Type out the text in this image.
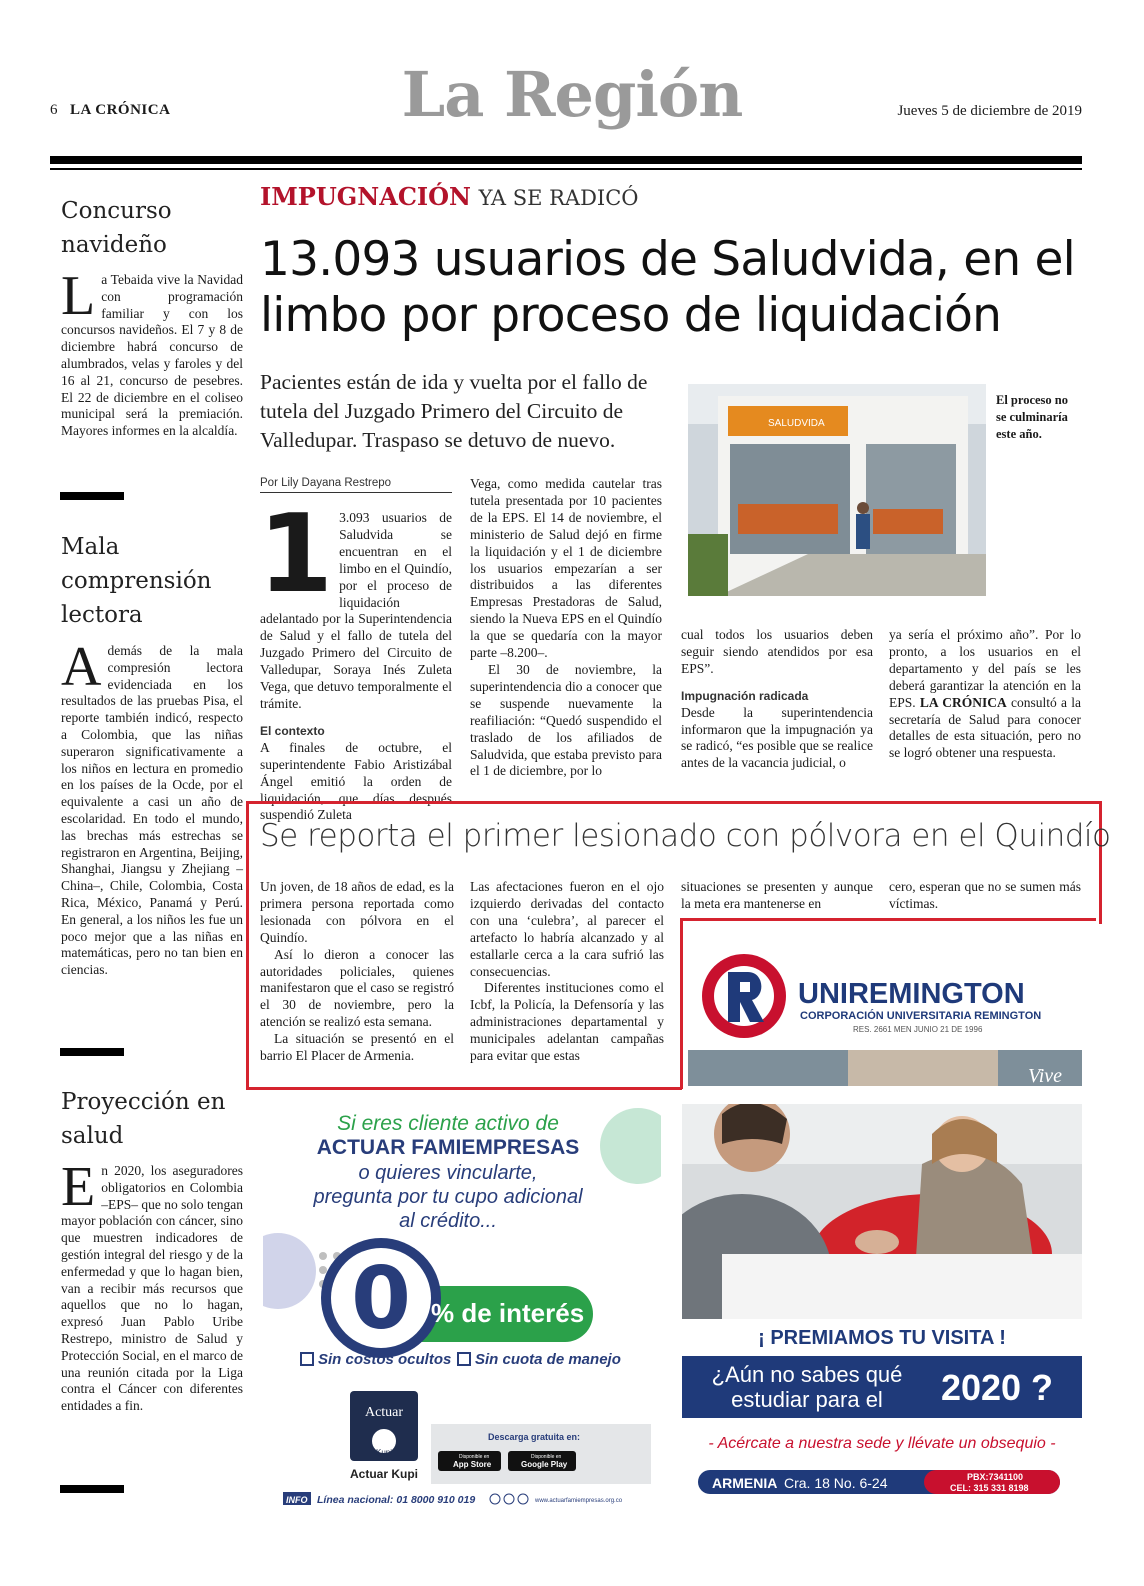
6 LA CRÓNICA	La Región	Jueves 5 de diciembre de 2019
Concurso navideño
La Tebaida vive la Navidad con programación familiar y con los concursos navideños. El 7 y 8 de diciembre habrá concurso de alumbrados, velas y faroles y del 16 al 21, concurso de pesebres. El 22 de diciembre en el coliseo municipal será la premiación. Mayores informes en la alcaldía.
Mala comprensión lectora
Además de la mala compresión lectora evidenciada en los resultados de las pruebas Pisa, el reporte también indicó, respecto a Colombia, que las niñas superaron significativamente a los niños en lectura en promedio en los países de la Ocde, por el equivalente a casi un año de escolaridad. En todo el mundo, las brechas más estrechas se registraron en Argentina, Beijing, Shanghai, Jiangsu y Zhejiang –China–, Chile, Colombia, Costa Rica, México, Panamá y Perú. En general, a los niños les fue un poco mejor que a las niñas en matemáticas, pero no tan bien en ciencias.
Proyección en salud
En 2020, los aseguradores obligatorios en Colombia –EPS– que no solo tengan mayor población con cáncer, sino que muestren indicadores de gestión integral del riesgo y de la enfermedad y que lo hagan bien, van a recibir más recursos que aquellos que no lo hagan, expresó Juan Pablo Uribe Restrepo, ministro de Salud y Protección Social, en el marco de una reunión citada por la Liga contra el Cáncer con diferentes entidades a fin.
IMPUGNACIÓN YA SE RADICÓ
13.093 usuarios de Saludvida, en el limbo por proceso de liquidación
Pacientes están de ida y vuelta por el fallo de tutela del Juzgado Primero del Circuito de Valledupar. Traspaso se detuvo de nuevo.
Por Lily Dayana Restrepo
1 3.093 usuarios de Saludvida se encuentran en el limbo en el Quindío, por el proceso de liquidación adelantado por la Superintendencia de Salud y el fallo de tutela del Juzgado Primero del Circuito de Valledupar, Soraya Inés Zuleta Vega, que detuvo temporalmente el trámite.
El contexto
A finales de octubre, el superintendente Fabio Aristizábal Ángel emitió la orden de liquidación, que días después suspendió Zuleta
Vega, como medida cautelar tras tutela presentada por 10 pacientes de la EPS. El 14 de noviembre, el ministerio de Salud dejó en firme la liquidación y el 1 de diciembre los usuarios empezarían a ser distribuidos a las diferentes Empresas Prestadoras de Salud, siendo la Nueva EPS en el Quindío la que se quedaría con la mayor parte –8.200–.
El 30 de noviembre, la superintendencia dio a conocer que se suspende nuevamente la reafiliación: “Quedó suspendido el traslado de los afiliados de Saludvida, que estaba previsto para el 1 de diciembre, por lo
cual todos los usuarios deben seguir siendo atendidos por esa EPS”.
Impugnación radicada
Desde la superintendencia informaron que la impugnación ya se radicó, “es posible que se realice antes de la vacancia judicial, o
ya sería el próximo año”. Por lo pronto, a los usuarios en el departamento y del país se les deberá garantizar la atención en la EPS. LA CRÓNICA consultó a la secretaría de Salud para conocer detalles de esta situación, pero no se logró obtener una respuesta.
SALUDVIDA
El proceso no se culminaría este año.
Se reporta el primer lesionado con pólvora en el Quindío
Un joven, de 18 años de edad, es la primera persona reportada como lesionada con pólvora en el Quindío.
Así lo dieron a conocer las autoridades policiales, quienes manifestaron que el caso se registró el 30 de noviembre, pero la atención se realizó esta semana.
La situación se presentó en el barrio El Placer de Armenia.
Las afectaciones fueron en el ojo izquierdo derivadas del contacto con una ‘culebra’, al parecer el artefacto lo habría alcanzado y al estallarle cerca a la cara sufrió las consecuencias.
Diferentes instituciones como el Icbf, la Policía, la Defensoría y las administraciones departamental y municipales adelantan campañas para evitar que estas
situaciones se presenten y aunque la meta era mantenerse en
cero, esperan que no se sumen más víctimas.
UNIREMINGTON
CORPORACIÓN UNIVERSITARIA REMINGTON
RES. 2661 MEN JUNIO 21 DE 1996
Vive
¡ PREMIAMOS TU VISITA !
¿Aún no sabes qué
estudiar para el 2020 ?
- Acércate a nuestra sede y llévate un obsequio -
ARMENIA Cra. 18 No. 6-24	PBX:7341100
CEL: 315 331 8198
Si eres cliente activo de
ACTUAR FAMIEMPRESAS
o quieres vincularte,
pregunta por tu cupo adicional
al crédito...
0 % de interés
Sin costos ocultos Sin cuota de manejo
Actuar
Kupi
Actuar Kupi
Descarga gratuita en:
Disponible en
App Store
Disponible en
Google Play
INFO Línea nacional: 01 8000 910 019	www.actuarfamiempresas.org.co
